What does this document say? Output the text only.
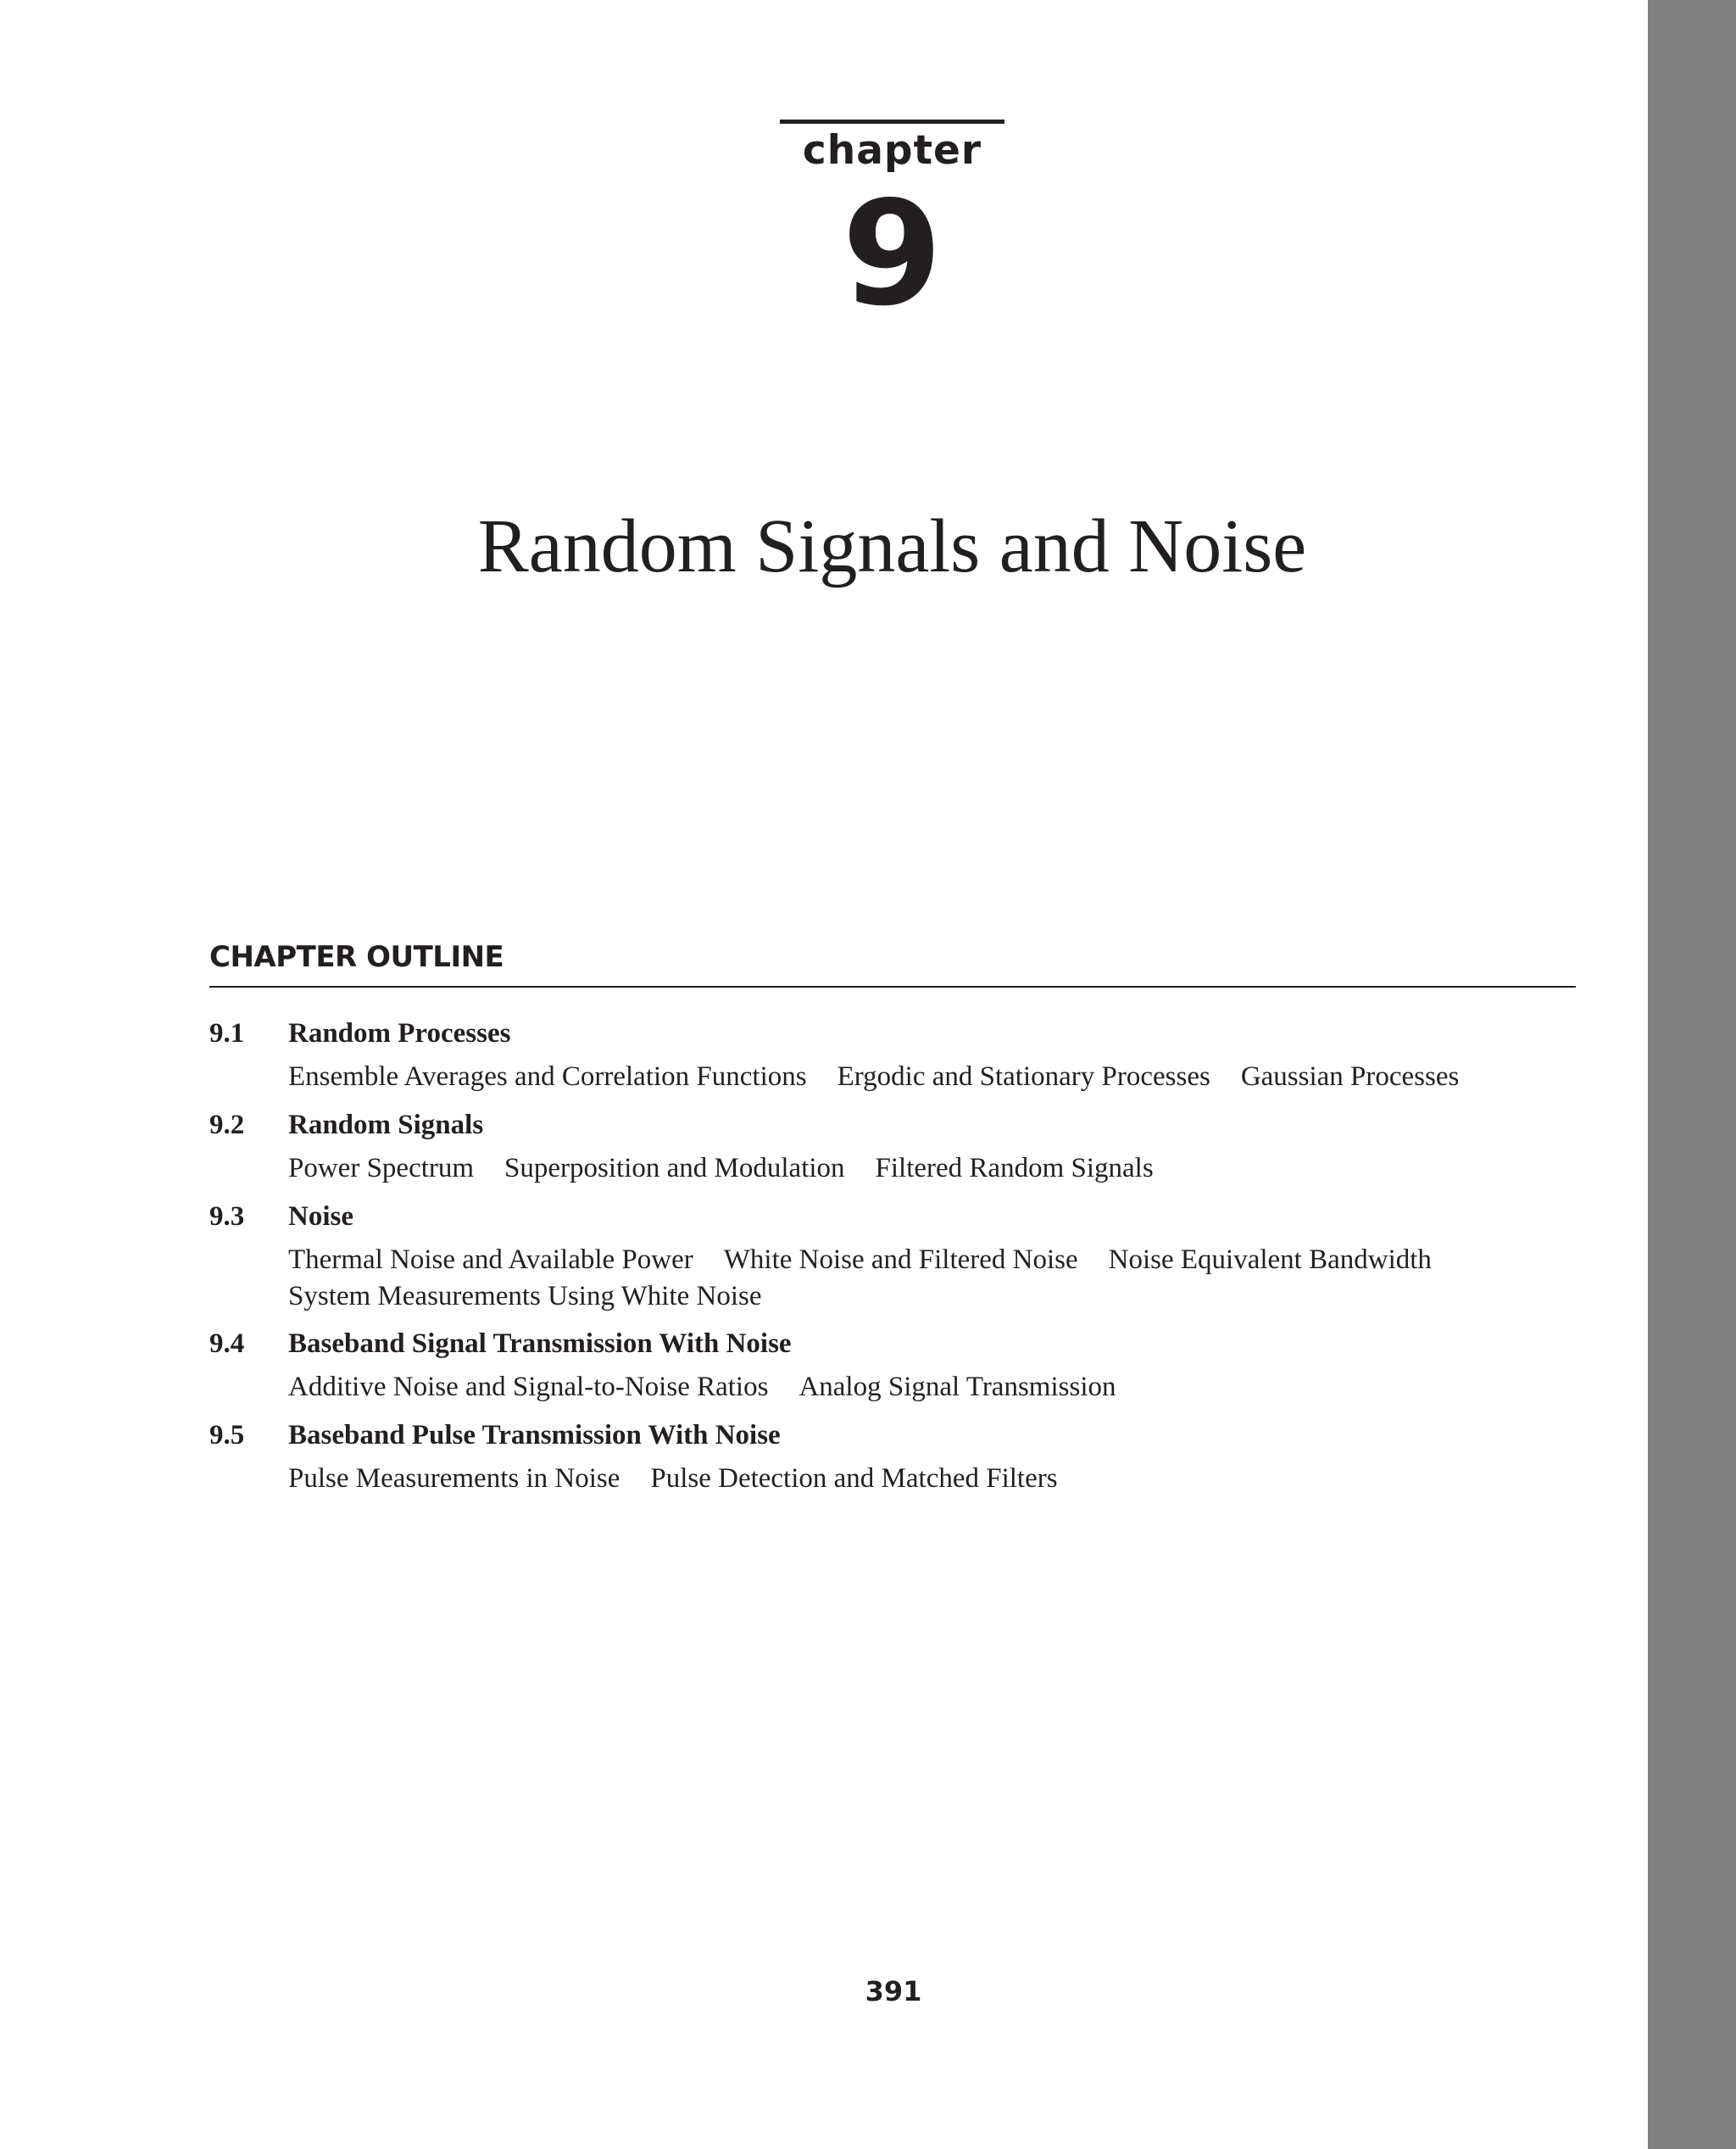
chapter
9
Random Signals and Noise
CHAPTER OUTLINE
9.1 Random Processes
Ensemble Averages and Correlation Functions Ergodic and Stationary Processes Gaussian Processes
9.2 Random Signals
Power Spectrum Superposition and Modulation Filtered Random Signals
9.3 Noise
Thermal Noise and Available Power White Noise and Filtered Noise Noise Equivalent Bandwidth
System Measurements Using White Noise
9.4 Baseband Signal Transmission With Noise
Additive Noise and Signal-to-Noise Ratios Analog Signal Transmission
9.5 Baseband Pulse Transmission With Noise
Pulse Measurements in Noise Pulse Detection and Matched Filters
391
